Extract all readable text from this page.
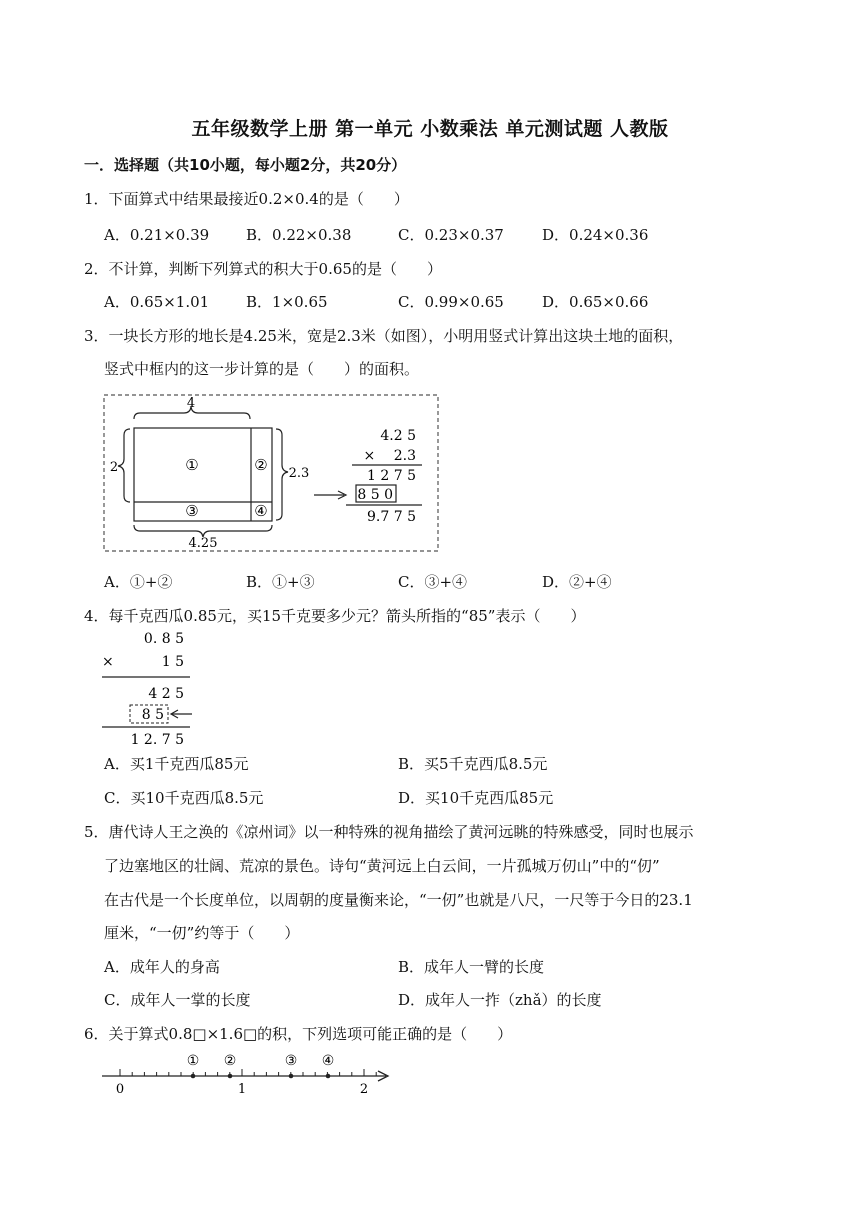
五年级数学上册 第一单元 小数乘法 单元测试题 人教版
一．选择题（共10小题，每小题2分，共20分）
1．下面算式中结果最接近0.2×0.4的是（　　）
A．0.21×0.39 B．0.22×0.38	C．0.23×0.37	D．0.24×0.36
2．不计算，判断下列算式的积大于0.65的是（　　）
A．0.65×1.01 B．1×0.65	C．0.99×0.65	D．0.65×0.66
3．一块长方形的地长是4.25米，宽是2.3米（如图），小明用竖式计算出这块土地的面积，
竖式中框内的这一步计算的是（　　）的面积。
4
2	2.3
①	②
③	④
4.25
4.2 5
×　 2.3
1 2 7 5
8 5 0
9.7 7 5
A．①+②	B．①+③	C．③+④	D．②+④
4．每千克西瓜0.85元，买15千克要多少元？箭头所指的“85”表示（　　）
0. 8 5
×	1 5
4 2 5
8 5
1 2. 7 5
A．买1千克西瓜85元	B．买5千克西瓜8.5元
C．买10千克西瓜8.5元	D．买10千克西瓜85元
5．唐代诗人王之涣的《凉州词》以一种特殊的视角描绘了黄河远眺的特殊感受，同时也展示
了边塞地区的壮阔、荒凉的景色。诗句“黄河远上白云间，一片孤城万仞山”中的“仞”
在古代是一个长度单位，以周朝的度量衡来论，“一仞”也就是八尺，一尺等于今日的23.1
厘米，“一仞”约等于（　　）
A．成年人的身高	B．成年人一臂的长度
C．成年人一掌的长度	D．成年人一拃（zhǎ）的长度
6．关于算式0.8□×1.6□的积，下列选项可能正确的是（　　）
0	1	2
① ②	③ ④
